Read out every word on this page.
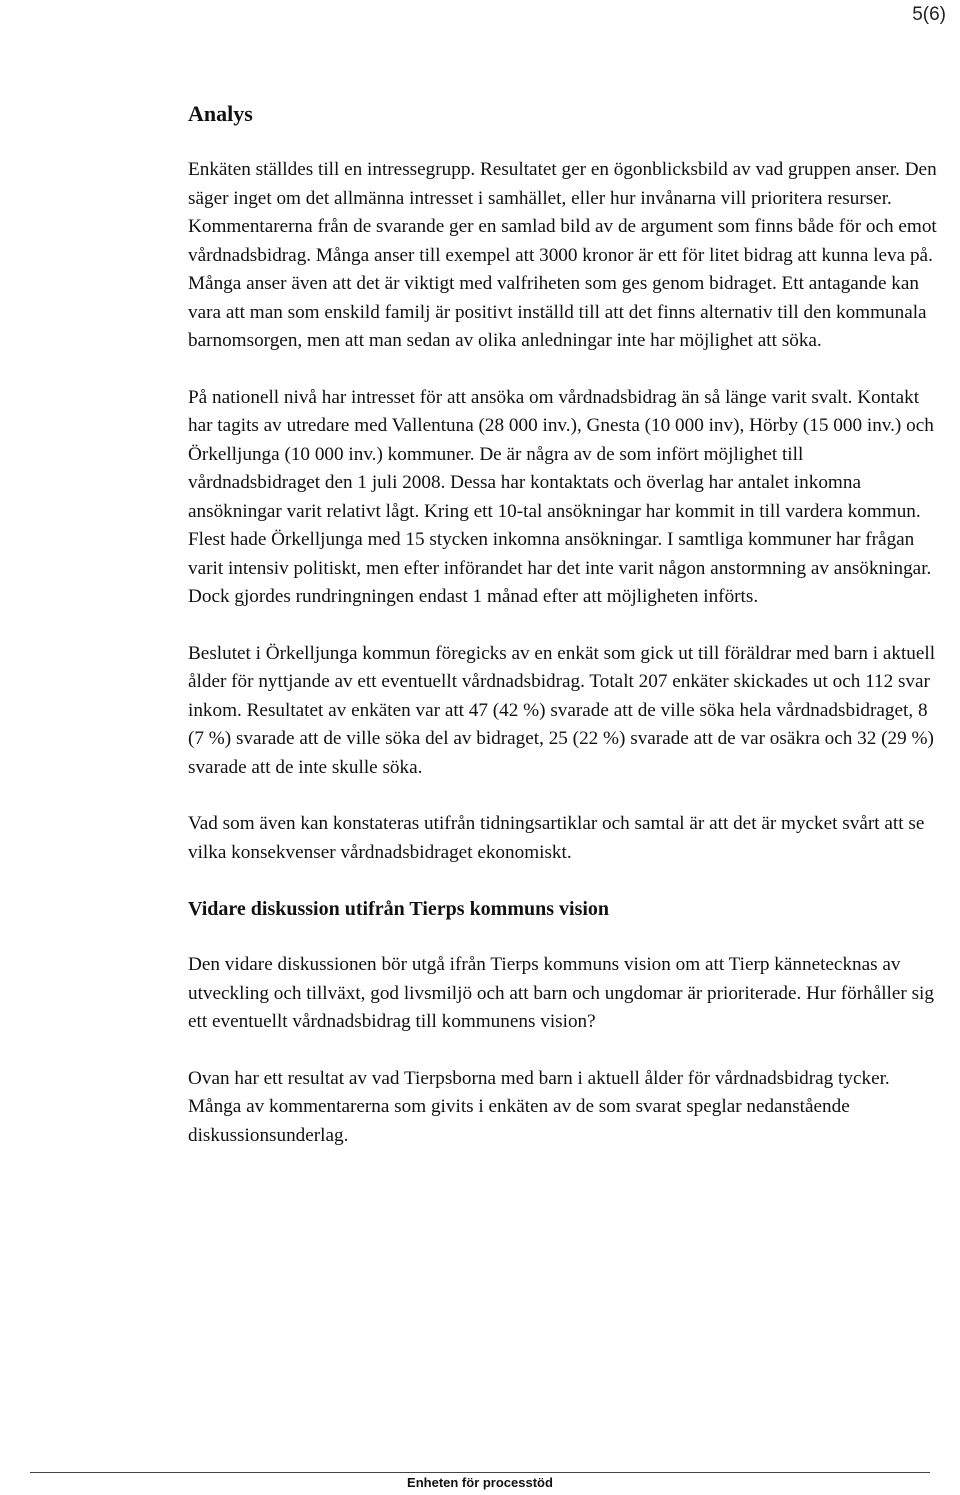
5(6)
Analys

Enkäten ställdes till en intressegrupp. Resultatet ger en ögonblicksbild av vad gruppen anser. Den säger inget om det allmänna intresset i samhället, eller hur invånarna vill prioritera resurser. Kommentarerna från de svarande ger en samlad bild av de argument som finns både för och emot vårdnadsbidrag. Många anser till exempel att 3000 kronor är ett för litet bidrag att kunna leva på. Många anser även att det är viktigt med valfriheten som ges genom bidraget. Ett antagande kan vara att man som enskild familj är positivt inställd till att det finns alternativ till den kommunala barnomsorgen, men att man sedan av olika anledningar inte har möjlighet att söka.

På nationell nivå har intresset för att ansöka om vårdnadsbidrag än så länge varit svalt. Kontakt har tagits av utredare med Vallentuna (28 000 inv.), Gnesta (10 000 inv), Hörby (15 000 inv.) och Örkelljunga (10 000 inv.) kommuner. De är några av de som infört möjlighet till vårdnadsbidraget den 1 juli 2008. Dessa har kontaktats och överlag har antalet inkomna ansökningar varit relativt lågt. Kring ett 10-tal ansökningar har kommit in till vardera kommun. Flest hade Örkelljunga med 15 stycken inkomna ansökningar. I samtliga kommuner har frågan varit intensiv politiskt, men efter införandet har det inte varit någon anstormning av ansökningar. Dock gjordes rundringningen endast 1 månad efter att möjligheten införts.

Beslutet i Örkelljunga kommun föregicks av en enkät som gick ut till föräldrar med barn i aktuell ålder för nyttjande av ett eventuellt vårdnadsbidrag. Totalt 207 enkäter skickades ut och 112 svar inkom. Resultatet av enkäten var att 47 (42 %) svarade att de ville söka hela vårdnadsbidraget, 8 (7 %) svarade att de ville söka del av bidraget, 25 (22 %) svarade att de var osäkra och 32 (29 %) svarade att de inte skulle söka.

Vad som även kan konstateras utifrån tidningsartiklar och samtal är att det är mycket svårt att se vilka konsekvenser vårdnadsbidraget ekonomiskt.

Vidare diskussion utifrån Tierps kommuns vision

Den vidare diskussionen bör utgå ifrån Tierps kommuns vision om att Tierp kännetecknas av utveckling och tillväxt, god livsmiljö och att barn och ungdomar är prioriterade. Hur förhåller sig ett eventuellt vårdnadsbidrag till kommunens vision?

Ovan har ett resultat av vad Tierpsborna med barn i aktuell ålder för vårdnadsbidrag tycker. Många av kommentarerna som givits i enkäten av de som svarat speglar nedanstående diskussionsunderlag.

Enheten för processtöd
